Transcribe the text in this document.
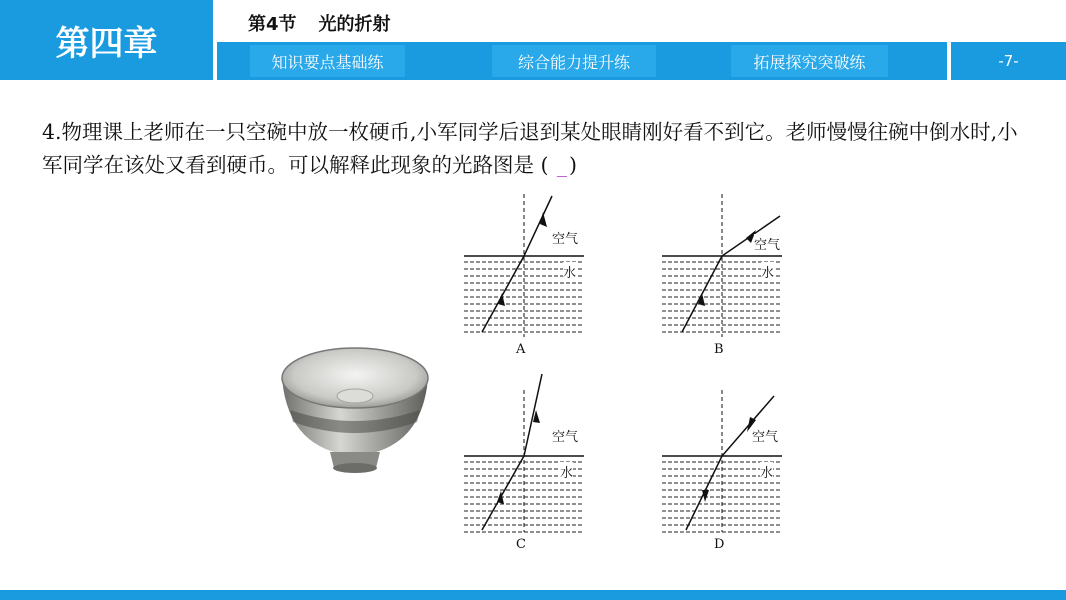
第四章	第4节 光的折射
知识要点基础练	综合能力提升练	拓展探究突破练	-7-
4.物理课上老师在一只空碗中放一枚硬币,小军同学后退到某处眼睛刚好看不到它。老师慢慢往碗中倒水时,小军同学在该处又看到硬币。可以解释此现象的光路图是 ( _)
空气
水
A
空气
水
B
空气
水
C
空气
水
D
